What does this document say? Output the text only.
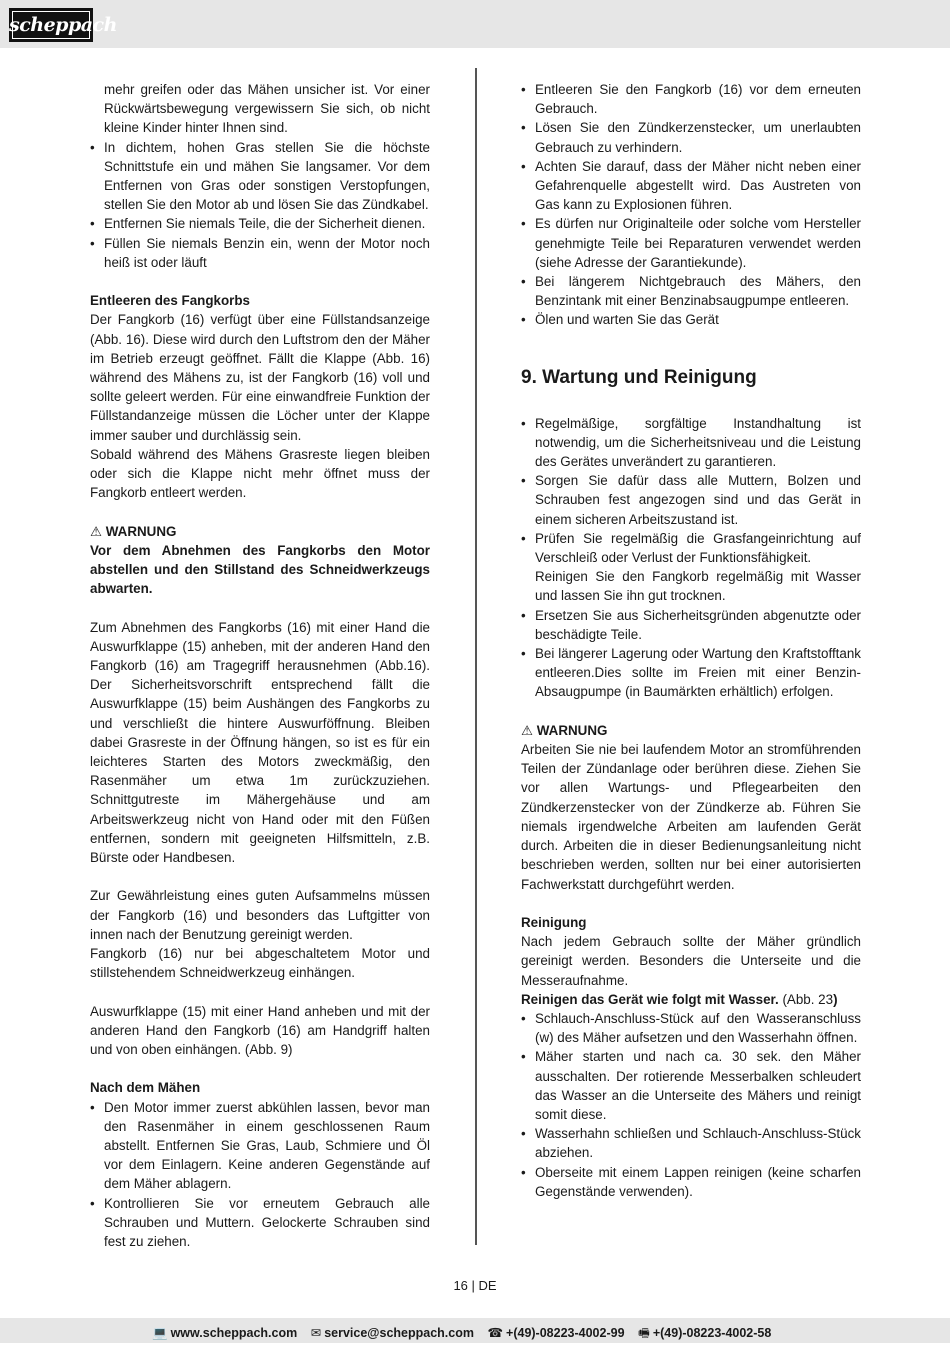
scheppach

mehr greifen oder das Mähen unsicher ist. Vor einer Rückwärtsbewegung vergewissern Sie sich, ob nicht kleine Kinder hinter Ihnen sind.

• In dichtem, hohen Gras stellen Sie die höchste Schnittstufe ein und mähen Sie langsamer. Vor dem Entfernen von Gras oder sonstigen Verstopfungen, stellen Sie den Motor ab und lösen Sie das Zündkabel.
• Entfernen Sie niemals Teile, die der Sicherheit dienen.
• Füllen Sie niemals Benzin ein, wenn der Motor noch heiß ist oder läuft

Entleeren des Fangkorbs

Der Fangkorb (16) verfügt über eine Füllstandsanzeige (Abb. 16). Diese wird durch den Luftstrom den der Mäher im Betrieb erzeugt geöffnet. Fällt die Klappe (Abb. 16) während des Mähens zu, ist der Fangkorb (16) voll und sollte geleert werden. Für eine einwandfreie Funktion der Füllstandanzeige müssen die Löcher unter der Klappe immer sauber und durchlässig sein.

Sobald während des Mähens Grasreste liegen bleiben oder sich die Klappe nicht mehr öffnet muss der Fangkorb entleert werden.

⚠ WARNUNG

Vor dem Abnehmen des Fangkorbs den Motor abstellen und den Stillstand des Schneidwerkzeugs abwarten.

Zum Abnehmen des Fangkorbs (16) mit einer Hand die Auswurfklappe (15) anheben, mit der anderen Hand den Fangkorb (16) am Tragegriff herausnehmen (Abb.16). Der Sicherheitsvorschrift entsprechend fällt die Auswurfklappe (15) beim Aushängen des Fangkorbs zu und verschließt die hintere Auswurföffnung. Bleiben dabei Grasreste in der Öffnung hängen, so ist es für ein leichteres Starten des Motors zweckmäßig, den Rasenmäher um etwa 1m zurückzuziehen. Schnittgutreste im Mähergehäuse und am Arbeitswerkzeug nicht von Hand oder mit den Füßen entfernen, sondern mit geeigneten Hilfsmitteln, z.B. Bürste oder Handbesen.

Zur Gewährleistung eines guten Aufsammelns müssen der Fangkorb (16) und besonders das Luftgitter von innen nach der Benutzung gereinigt werden.

Fangkorb (16) nur bei abgeschaltetem Motor und stillstehendem Schneidwerkzeug einhängen.

Auswurfklappe (15) mit einer Hand anheben und mit der anderen Hand den Fangkorb (16) am Handgriff halten und von oben einhängen. (Abb. 9)

Nach dem Mähen

• Den Motor immer zuerst abkühlen lassen, bevor man den Rasenmäher in einem geschlossenen Raum abstellt. Entfernen Sie Gras, Laub, Schmiere und Öl vor dem Einlagern. Keine anderen Gegenstände auf dem Mäher ablagern.
• Kontrollieren Sie vor erneutem Gebrauch alle Schrauben und Muttern. Gelockerte Schrauben sind fest zu ziehen.
• Entleeren Sie den Fangkorb (16) vor dem erneuten Gebrauch.
• Lösen Sie den Zündkerzenstecker, um unerlaubten Gebrauch zu verhindern.
• Achten Sie darauf, dass der Mäher nicht neben einer Gefahrenquelle abgestellt wird. Das Austreten von Gas kann zu Explosionen führen.
• Es dürfen nur Originalteile oder solche vom Hersteller genehmigte Teile bei Reparaturen verwendet werden (siehe Adresse der Garantiekunde).
• Bei längerem Nichtgebrauch des Mähers, den Benzintank mit einer Benzinabsaugpumpe entleeren.
• Ölen und warten Sie das Gerät

9. Wartung und Reinigung

• Regelmäßige, sorgfältige Instandhaltung ist notwendig, um die Sicherheitsniveau und die Leistung des Gerätes unverändert zu garantieren.
• Sorgen Sie dafür dass alle Muttern, Bolzen und Schrauben fest angezogen sind und das Gerät in einem sicheren Arbeitszustand ist.
• Prüfen Sie regelmäßig die Grasfangeinrichtung auf Verschleiß oder Verlust der Funktionsfähigkeit.

Reinigen Sie den Fangkorb regelmäßig mit Wasser und lassen Sie ihn gut trocknen.

• Ersetzen Sie aus Sicherheitsgründen abgenutzte oder beschädigte Teile.
• Bei längerer Lagerung oder Wartung den Kraftstofftank entleeren.Dies sollte im Freien mit einer Benzin-Absaugpumpe (in Baumärkten erhältlich) erfolgen.

⚠ WARNUNG

Arbeiten Sie nie bei laufendem Motor an stromführenden Teilen der Zündanlage oder berühren diese. Ziehen Sie vor allen Wartungs- und Pflegearbeiten den Zündkerzenstecker von der Zündkerze ab. Führen Sie niemals irgendwelche Arbeiten am laufenden Gerät durch. Arbeiten die in dieser Bedienungsanleitung nicht beschrieben werden, sollten nur bei einer autorisierten Fachwerkstatt durchgeführt werden.

Reinigung

Nach jedem Gebrauch sollte der Mäher gründlich gereinigt werden. Besonders die Unterseite und die Messeraufnahme.

Reinigen das Gerät wie folgt mit Wasser. (Abb. 23)

• Schlauch-Anschluss-Stück auf den Wasseranschluss (w) des Mäher aufsetzen und den Wasserhahn öffnen.
• Mäher starten und nach ca. 30 sek. den Mäher ausschalten. Der rotierende Messerbalken schleudert das Wasser an die Unterseite des Mähers und reinigt somit diese.
• Wasserhahn schließen und Schlauch-Anschluss-Stück abziehen.
• Oberseite mit einem Lappen reinigen (keine scharfen Gegenstände verwenden).
16 | DE
💻 www.scheppach.com ✉ service@scheppach.com ☎ +(49)-08223-4002-99 🖷 +(49)-08223-4002-58
